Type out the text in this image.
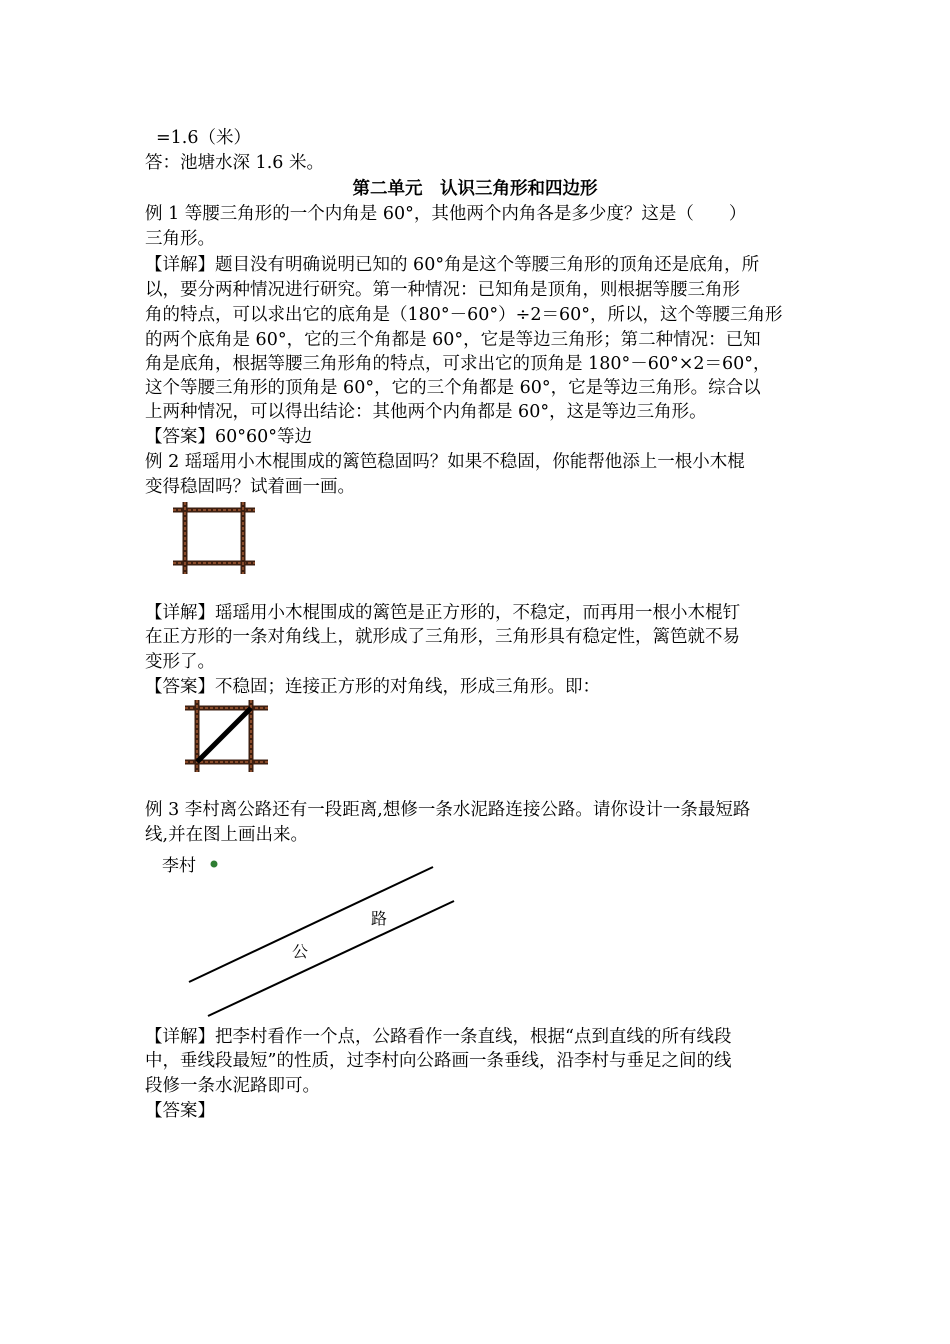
=1.6（米）
答：池塘水深 1.6 米。
第二单元　认识三角形和四边形
例 1 等腰三角形的一个内角是 60°，其他两个内角各是多少度？这是（　　）
三角形。
【详解】题目没有明确说明已知的 60°角是这个等腰三角形的顶角还是底角，所
以，要分两种情况进行研究。第一种情况：已知角是顶角，则根据等腰三角形
角的特点，可以求出它的底角是（180°－60°）÷2＝60°，所以，这个等腰三角形
的两个底角是 60°，它的三个角都是 60°，它是等边三角形；第二种情况：已知
角是底角，根据等腰三角形角的特点，可求出它的顶角是 180°－60°×2＝60°，
这个等腰三角形的顶角是 60°，它的三个角都是 60°，它是等边三角形。综合以
上两种情况，可以得出结论：其他两个内角都是 60°，这是等边三角形。
【答案】60°60°等边
例 2 瑶瑶用小木棍围成的篱笆稳固吗？如果不稳固，你能帮他添上一根小木棍
变得稳固吗？试着画一画。
【详解】瑶瑶用小木棍围成的篱笆是正方形的，不稳定，而再用一根小木棍钉
在正方形的一条对角线上，就形成了三角形，三角形具有稳定性，篱笆就不易
变形了。
【答案】不稳固；连接正方形的对角线，形成三角形。即：
例 3 李村离公路还有一段距离,想修一条水泥路连接公路。请你设计一条最短路
线,并在图上画出来。
李村
公
路
【详解】把李村看作一个点，公路看作一条直线，根据“点到直线的所有线段
中，垂线段最短”的性质，过李村向公路画一条垂线，沿李村与垂足之间的线
段修一条水泥路即可。
【答案】
